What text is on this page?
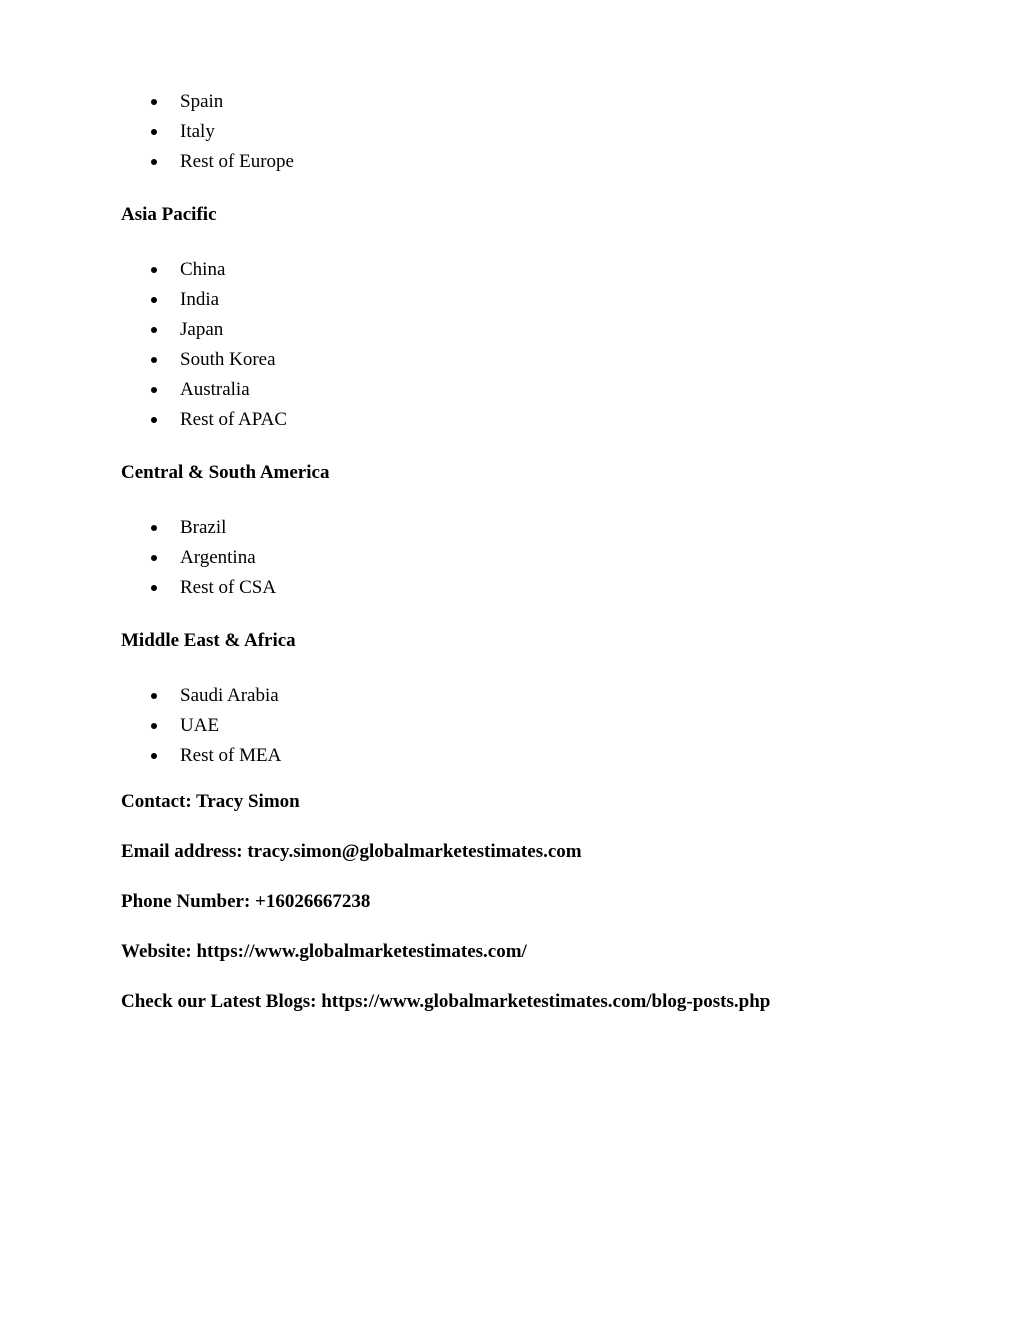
Spain
Italy
Rest of Europe

Asia Pacific

China
India
Japan
South Korea
Australia
Rest of APAC

Central & South America

Brazil
Argentina
Rest of CSA

Middle East & Africa

Saudi Arabia
UAE
Rest of MEA

Contact: Tracy Simon

Email address: tracy.simon@globalmarketestimates.com

Phone Number: +16026667238

Website: https://www.globalmarketestimates.com/

Check our Latest Blogs: https://www.globalmarketestimates.com/blog-posts.php
